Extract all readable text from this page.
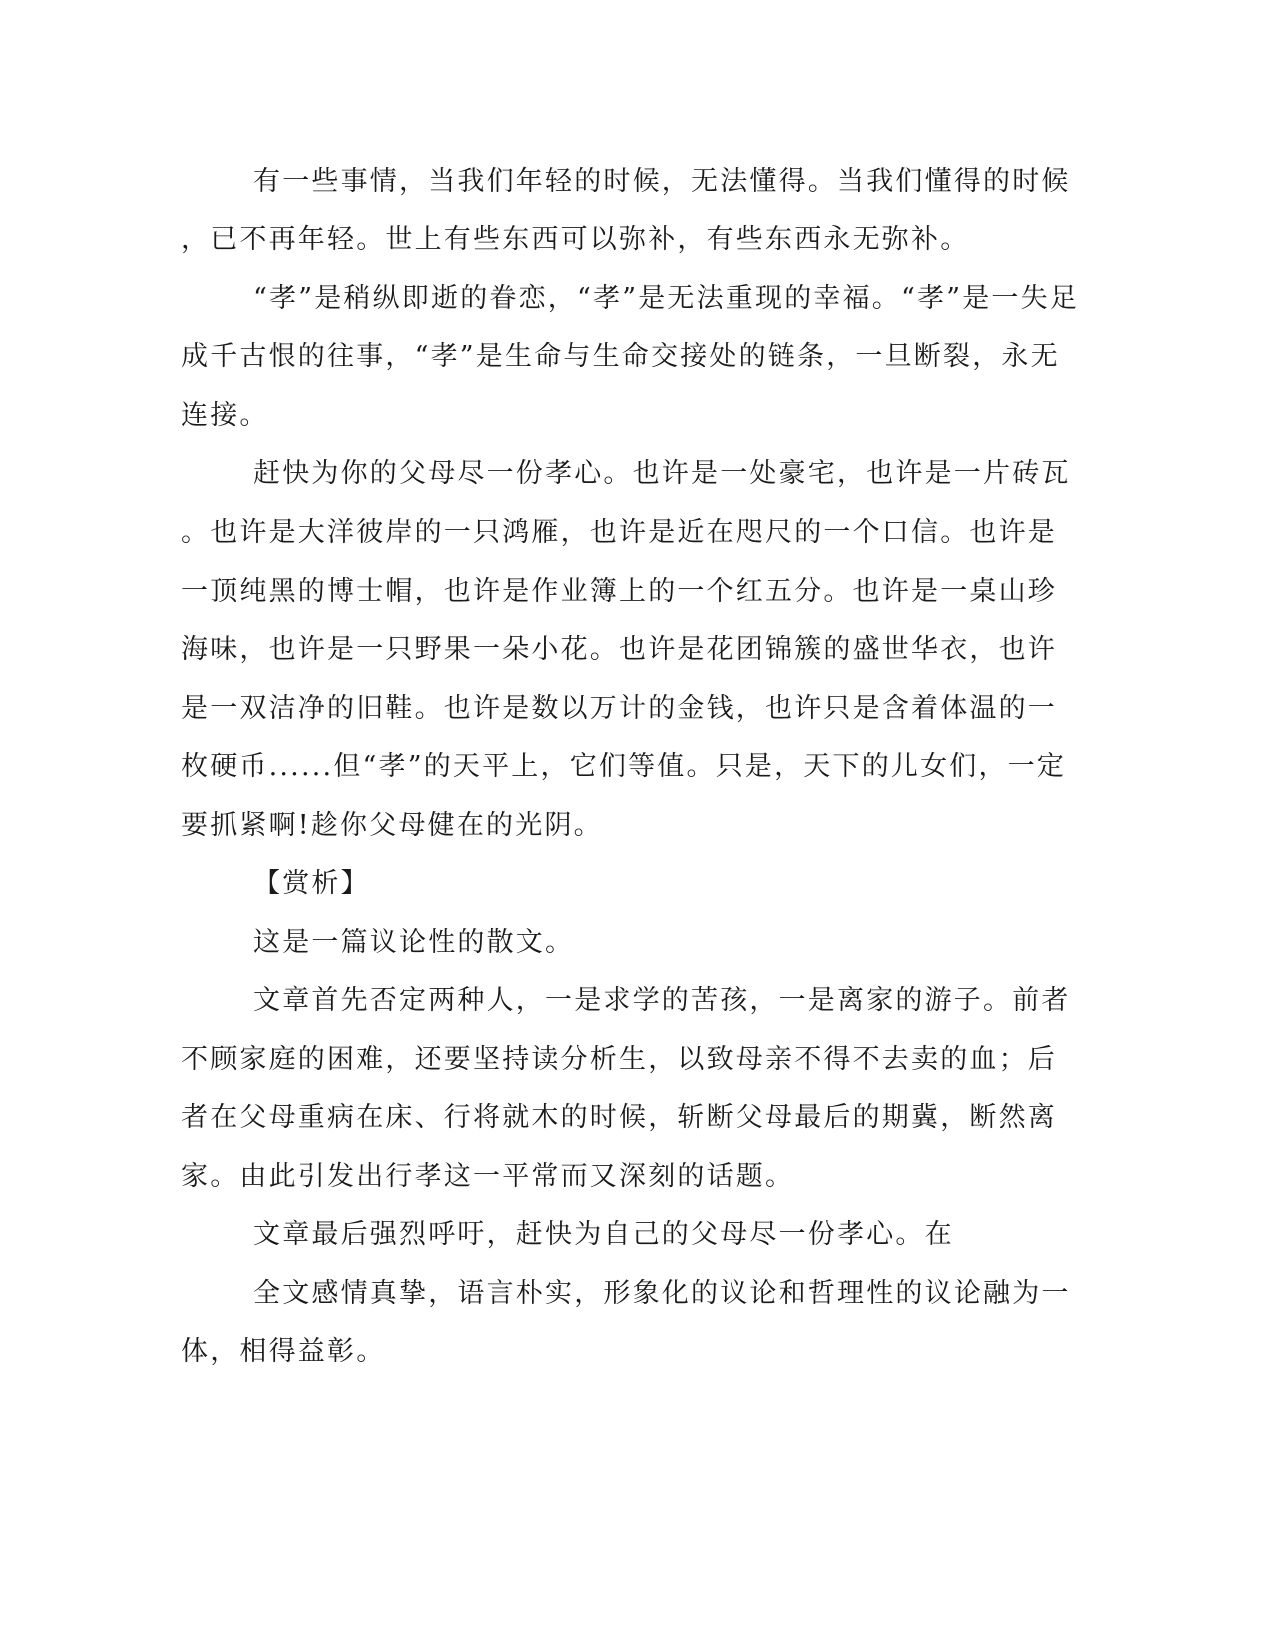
有一些事情，当我们年轻的时候，无法懂得。当我们懂得的时候
，已不再年轻。世上有些东西可以弥补，有些东西永无弥补。
“孝”是稍纵即逝的眷恋，“孝”是无法重现的幸福。“孝”是一失足
成千古恨的往事，“孝”是生命与生命交接处的链条，一旦断裂，永无
连接。
赶快为你的父母尽一份孝心。也许是一处豪宅，也许是一片砖瓦
。也许是大洋彼岸的一只鸿雁，也许是近在咫尺的一个口信。也许是
一顶纯黑的博士帽，也许是作业簿上的一个红五分。也许是一桌山珍
海味，也许是一只野果一朵小花。也许是花团锦簇的盛世华衣，也许
是一双洁净的旧鞋。也许是数以万计的金钱，也许只是含着体温的一
枚硬币......但“孝”的天平上，它们等值。只是，天下的儿女们，一定
要抓紧啊!趁你父母健在的光阴。
【赏析】
这是一篇议论性的散文。
文章首先否定两种人，一是求学的苦孩，一是离家的游子。前者
不顾家庭的困难，还要坚持读分析生，以致母亲不得不去卖的血；后
者在父母重病在床、行将就木的时候，斩断父母最后的期冀，断然离
家。由此引发出行孝这一平常而又深刻的话题。
文章最后强烈呼吁，赶快为自己的父母尽一份孝心。在
全文感情真挚，语言朴实，形象化的议论和哲理性的议论融为一
体，相得益彰。
